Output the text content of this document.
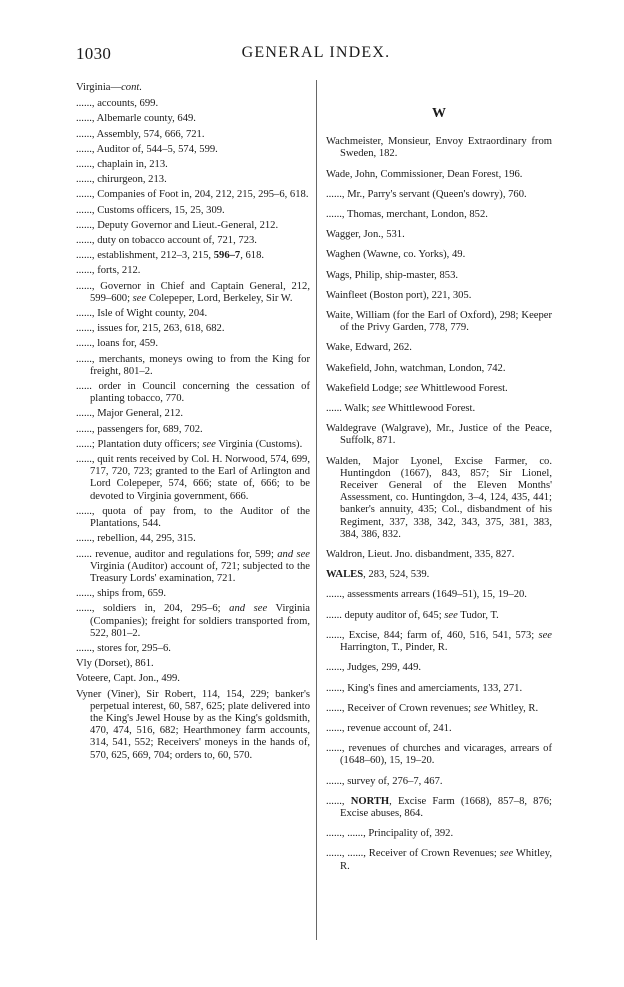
1030	GENERAL INDEX.
Virginia—cont.
......, accounts, 699.
......, Albemarle county, 649.
......, Assembly, 574, 666, 721.
......, Auditor of, 544–5, 574, 599.
......, chaplain in, 213.
......, chirurgeon, 213.
......, Companies of Foot in, 204, 212, 215, 295–6, 618.
......, Customs officers, 15, 25, 309.
......, Deputy Governor and Lieut.-General, 212.
......, duty on tobacco account of, 721, 723.
......, establishment, 212–3, 215, 596–7, 618.
......, forts, 212.
......, Governor in Chief and Captain General, 212, 599–600; see Colepeper, Lord, Berkeley, Sir W.
......, Isle of Wight county, 204.
......, issues for, 215, 263, 618, 682.
......, loans for, 459.
......, merchants, moneys owing to from the King for freight, 801–2.
...... order in Council concerning the cessation of planting tobacco, 770.
......, Major General, 212.
......, passengers for, 689, 702.
......; Plantation duty officers; see Virginia (Customs).
......, quit rents received by Col. H. Norwood, 574, 699, 717, 720, 723; granted to the Earl of Arlington and Lord Colepeper, 574, 666; state of, 666; to be devoted to Virginia government, 666.
......, quota of pay from, to the Auditor of the Plantations, 544.
......, rebellion, 44, 295, 315.
...... revenue, auditor and regulations for, 599; and see Virginia (Auditor) account of, 721; subjected to the Treasury Lords' examination, 721.
......, ships from, 659.
......, soldiers in, 204, 295–6; and see Virginia (Companies); freight for soldiers transported from, 522, 801–2.
......, stores for, 295–6.
Vly (Dorset), 861.
Voteere, Capt. Jon., 499.
Vyner (Viner), Sir Robert, 114, 154, 229; banker's perpetual interest, 60, 587, 625; plate delivered into the King's Jewel House by as the King's goldsmith, 470, 474, 516, 682; Hearthmoney farm accounts, 314, 541, 552; Receivers' moneys in the hands of, 570, 625, 669, 704; orders to, 60, 570.
W
Wachmeister, Monsieur, Envoy Extraordinary from Sweden, 182.
Wade, John, Commissioner, Dean Forest, 196.
......, Mr., Parry's servant (Queen's dowry), 760.
......, Thomas, merchant, London, 852.
Wagger, Jon., 531.
Waghen (Wawne, co. Yorks), 49.
Wags, Philip, ship-master, 853.
Wainfleet (Boston port), 221, 305.
Waite, William (for the Earl of Oxford), 298; Keeper of the Privy Garden, 778, 779.
Wake, Edward, 262.
Wakefield, John, watchman, London, 742.
Wakefield Lodge; see Whittlewood Forest.
...... Walk; see Whittlewood Forest.
Waldegrave (Walgrave), Mr., Justice of the Peace, Suffolk, 871.
Walden, Major Lyonel, Excise Farmer, co. Huntingdon (1667), 843, 857; Sir Lionel, Receiver General of the Eleven Months' Assessment, co. Huntingdon, 3–4, 124, 435, 441; banker's annuity, 435; Col., disbandment of his Regiment, 337, 338, 342, 343, 375, 381, 383, 384, 386, 832.
Waldron, Lieut. Jno. disbandment, 335, 827.
WALES, 283, 524, 539.
......, assessments arrears (1649–51), 15, 19–20.
...... deputy auditor of, 645; see Tudor, T.
......, Excise, 844; farm of, 460, 516, 541, 573; see Harrington, T., Pinder, R.
......, Judges, 299, 449.
......, King's fines and amerciaments, 133, 271.
......, Receiver of Crown revenues; see Whitley, R.
......, revenue account of, 241.
......, revenues of churches and vicarages, arrears of (1648–60), 15, 19–20.
......, survey of, 276–7, 467.
......, NORTH, Excise Farm (1668), 857–8, 876; Excise abuses, 864.
......, ......, Principality of, 392.
......, ......, Receiver of Crown Revenues; see Whitley, R.
